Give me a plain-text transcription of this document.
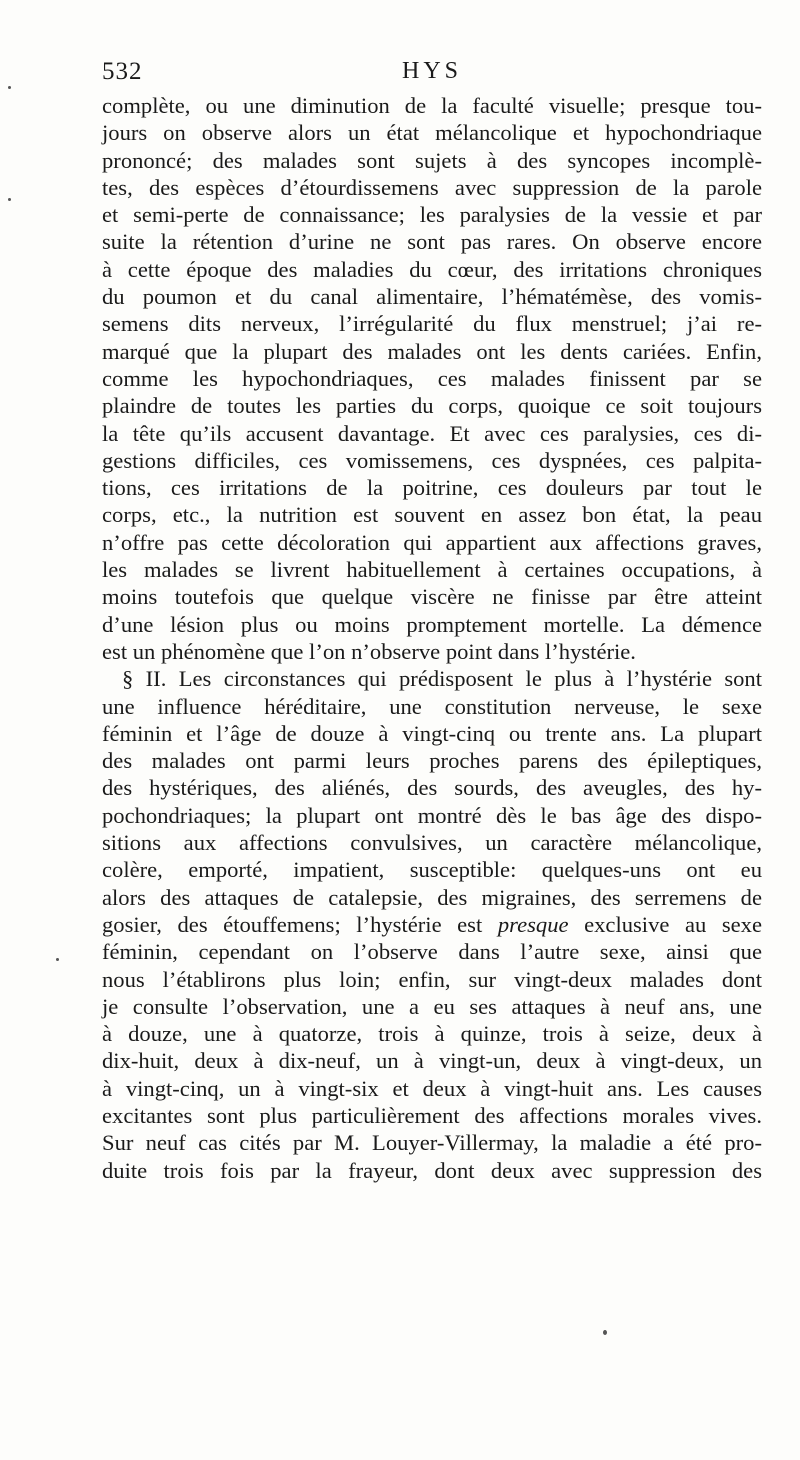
532	HYS
complète, ou une diminution de la faculté visuelle; presque tou-
jours on observe alors un état mélancolique et hypochondriaque
prononcé; des malades sont sujets à des syncopes incomplè-
tes, des espèces d’étourdissemens avec suppression de la parole
et semi-perte de connaissance; les paralysies de la vessie et par
suite la rétention d’urine ne sont pas rares. On observe encore
à cette époque des maladies du cœur, des irritations chroniques
du poumon et du canal alimentaire, l’hématémèse, des vomis-
semens dits nerveux, l’irrégularité du flux menstruel; j’ai re-
marqué que la plupart des malades ont les dents cariées. Enfin,
comme les hypochondriaques, ces malades finissent par se
plaindre de toutes les parties du corps, quoique ce soit toujours
la tête qu’ils accusent davantage. Et avec ces paralysies, ces di-
gestions difficiles, ces vomissemens, ces dyspnées, ces palpita-
tions, ces irritations de la poitrine, ces douleurs par tout le
corps, etc., la nutrition est souvent en assez bon état, la peau
n’offre pas cette décoloration qui appartient aux affections graves,
les malades se livrent habituellement à certaines occupations, à
moins toutefois que quelque viscère ne finisse par être atteint
d’une lésion plus ou moins promptement mortelle. La démence
est un phénomène que l’on n’observe point dans l’hystérie.
§ II. Les circonstances qui prédisposent le plus à l’hystérie sont
une influence héréditaire, une constitution nerveuse, le sexe
féminin et l’âge de douze à vingt-cinq ou trente ans. La plupart
des malades ont parmi leurs proches parens des épileptiques,
des hystériques, des aliénés, des sourds, des aveugles, des hy-
pochondriaques; la plupart ont montré dès le bas âge des dispo-
sitions aux affections convulsives, un caractère mélancolique,
colère, emporté, impatient, susceptible: quelques-uns ont eu
alors des attaques de catalepsie, des migraines, des serremens de
gosier, des étouffemens; l’hystérie est presque exclusive au sexe
féminin, cependant on l’observe dans l’autre sexe, ainsi que
nous l’établirons plus loin; enfin, sur vingt-deux malades dont
je consulte l’observation, une a eu ses attaques à neuf ans, une
à douze, une à quatorze, trois à quinze, trois à seize, deux à
dix-huit, deux à dix-neuf, un à vingt-un, deux à vingt-deux, un
à vingt-cinq, un à vingt-six et deux à vingt-huit ans. Les causes
excitantes sont plus particulièrement des affections morales vives.
Sur neuf cas cités par M. Louyer-Villermay, la maladie a été pro-
duite trois fois par la frayeur, dont deux avec suppression des
